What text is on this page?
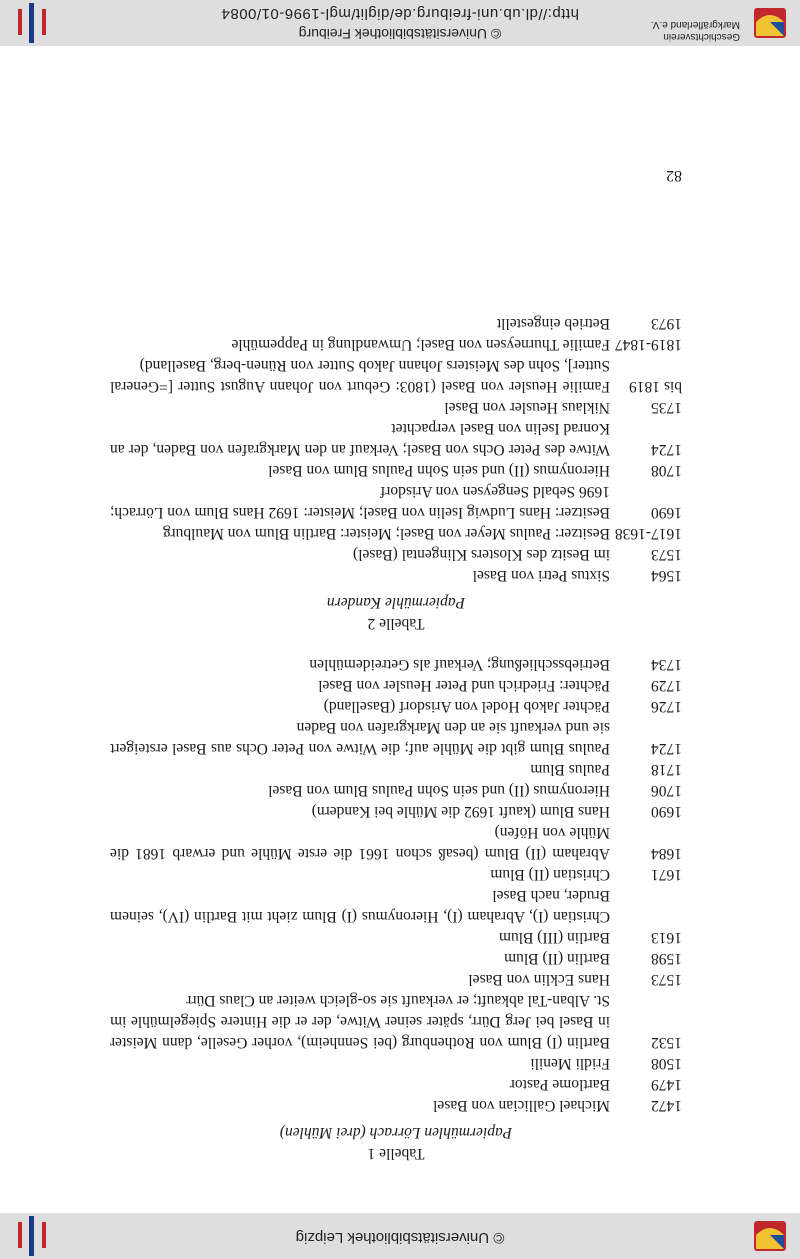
© Universitätsbibliothek Leipzig
Tabelle 1
Papiermühlen Lörrach (drei Mühlen)
1472
Michael Gallician von Basel
1479
Bartlome Pastor
1508
Fridli Menili
1532
Bartlin (I) Blum von Rothenburg (bei Sennheim), vorher Geselle, dann Meister in Basel bei Jerg Dürr, später seiner Witwe, der er die Hintere Spiegelmühle im St. Alban-Tal abkauft; er verkauft sie so-gleich weiter an Claus Dürr
1573
Hans Ecklin von Basel
1598
Bartlin (II) Blum
1613
Bartlin (III) Blum
Christian (I), Abraham (I), Hieronymus (I) Blum zieht mit Bartlin (IV), seinem Bruder, nach Basel
1671
Christian (II) Blum
1684
Abraham (II) Blum (besaß schon 1661 die erste Mühle und erwarb 1681 die Mühle von Höfen)
1690
Hans Blum (kauft 1692 die Mühle bei Kandern)
1706
Hieronymus (II) und sein Sohn Paulus Blum von Basel
1718
Paulus Blum
1724
Paulus Blum gibt die Mühle auf; die Witwe von Peter Ochs aus Basel ersteigert sie und verkauft sie an den Markgrafen von Baden
1726
Pächter Jakob Hodel von Arisdorf (Baselland)
1729
Pächter: Friedrich und Peter Heusler von Basel
1734
Betriebsschließung; Verkauf als Getreidemühlen
Tabelle 2
Papiermühle Kandern
1564
Sixtus Petri von Basel
1573
im Besitz des Klosters Klingental (Basel)
1617-1638
Besitzer: Paulus Meyer von Basel; Meister: Bartlin Blum von Maulburg
1690
Besitzer: Hans Ludwig Iselin von Basel; Meister: 1692 Hans Blum von Lörrach; 1696 Sebald Sengeysen von Arisdorf
1708
Hieronymus (II) und sein Sohn Paulus Blum von Basel
1724
Witwe des Peter Ochs von Basel; Verkauf an den Markgrafen von Baden, der an Konrad Iselin von Basel verpachtet
1735
Niklaus Heusler von Basel
bis 1819
Familie Heusler von Basel (1803: Geburt von Johann August Sutter [=General Sutter], Sohn des Meisters Johann Jakob Sutter von Rünen-berg, Baselland)
1819-1847
Familie Thurneysen von Basel; Umwandlung in Pappemühle
1973
Betrieb eingestellt
82
Geschichtsverein
Markgräflerland e.V.
© Universitätsbibliothek Freiburg
http://dl.ub.uni-freiburg.de/diglit/mgl-1996-01/0084
